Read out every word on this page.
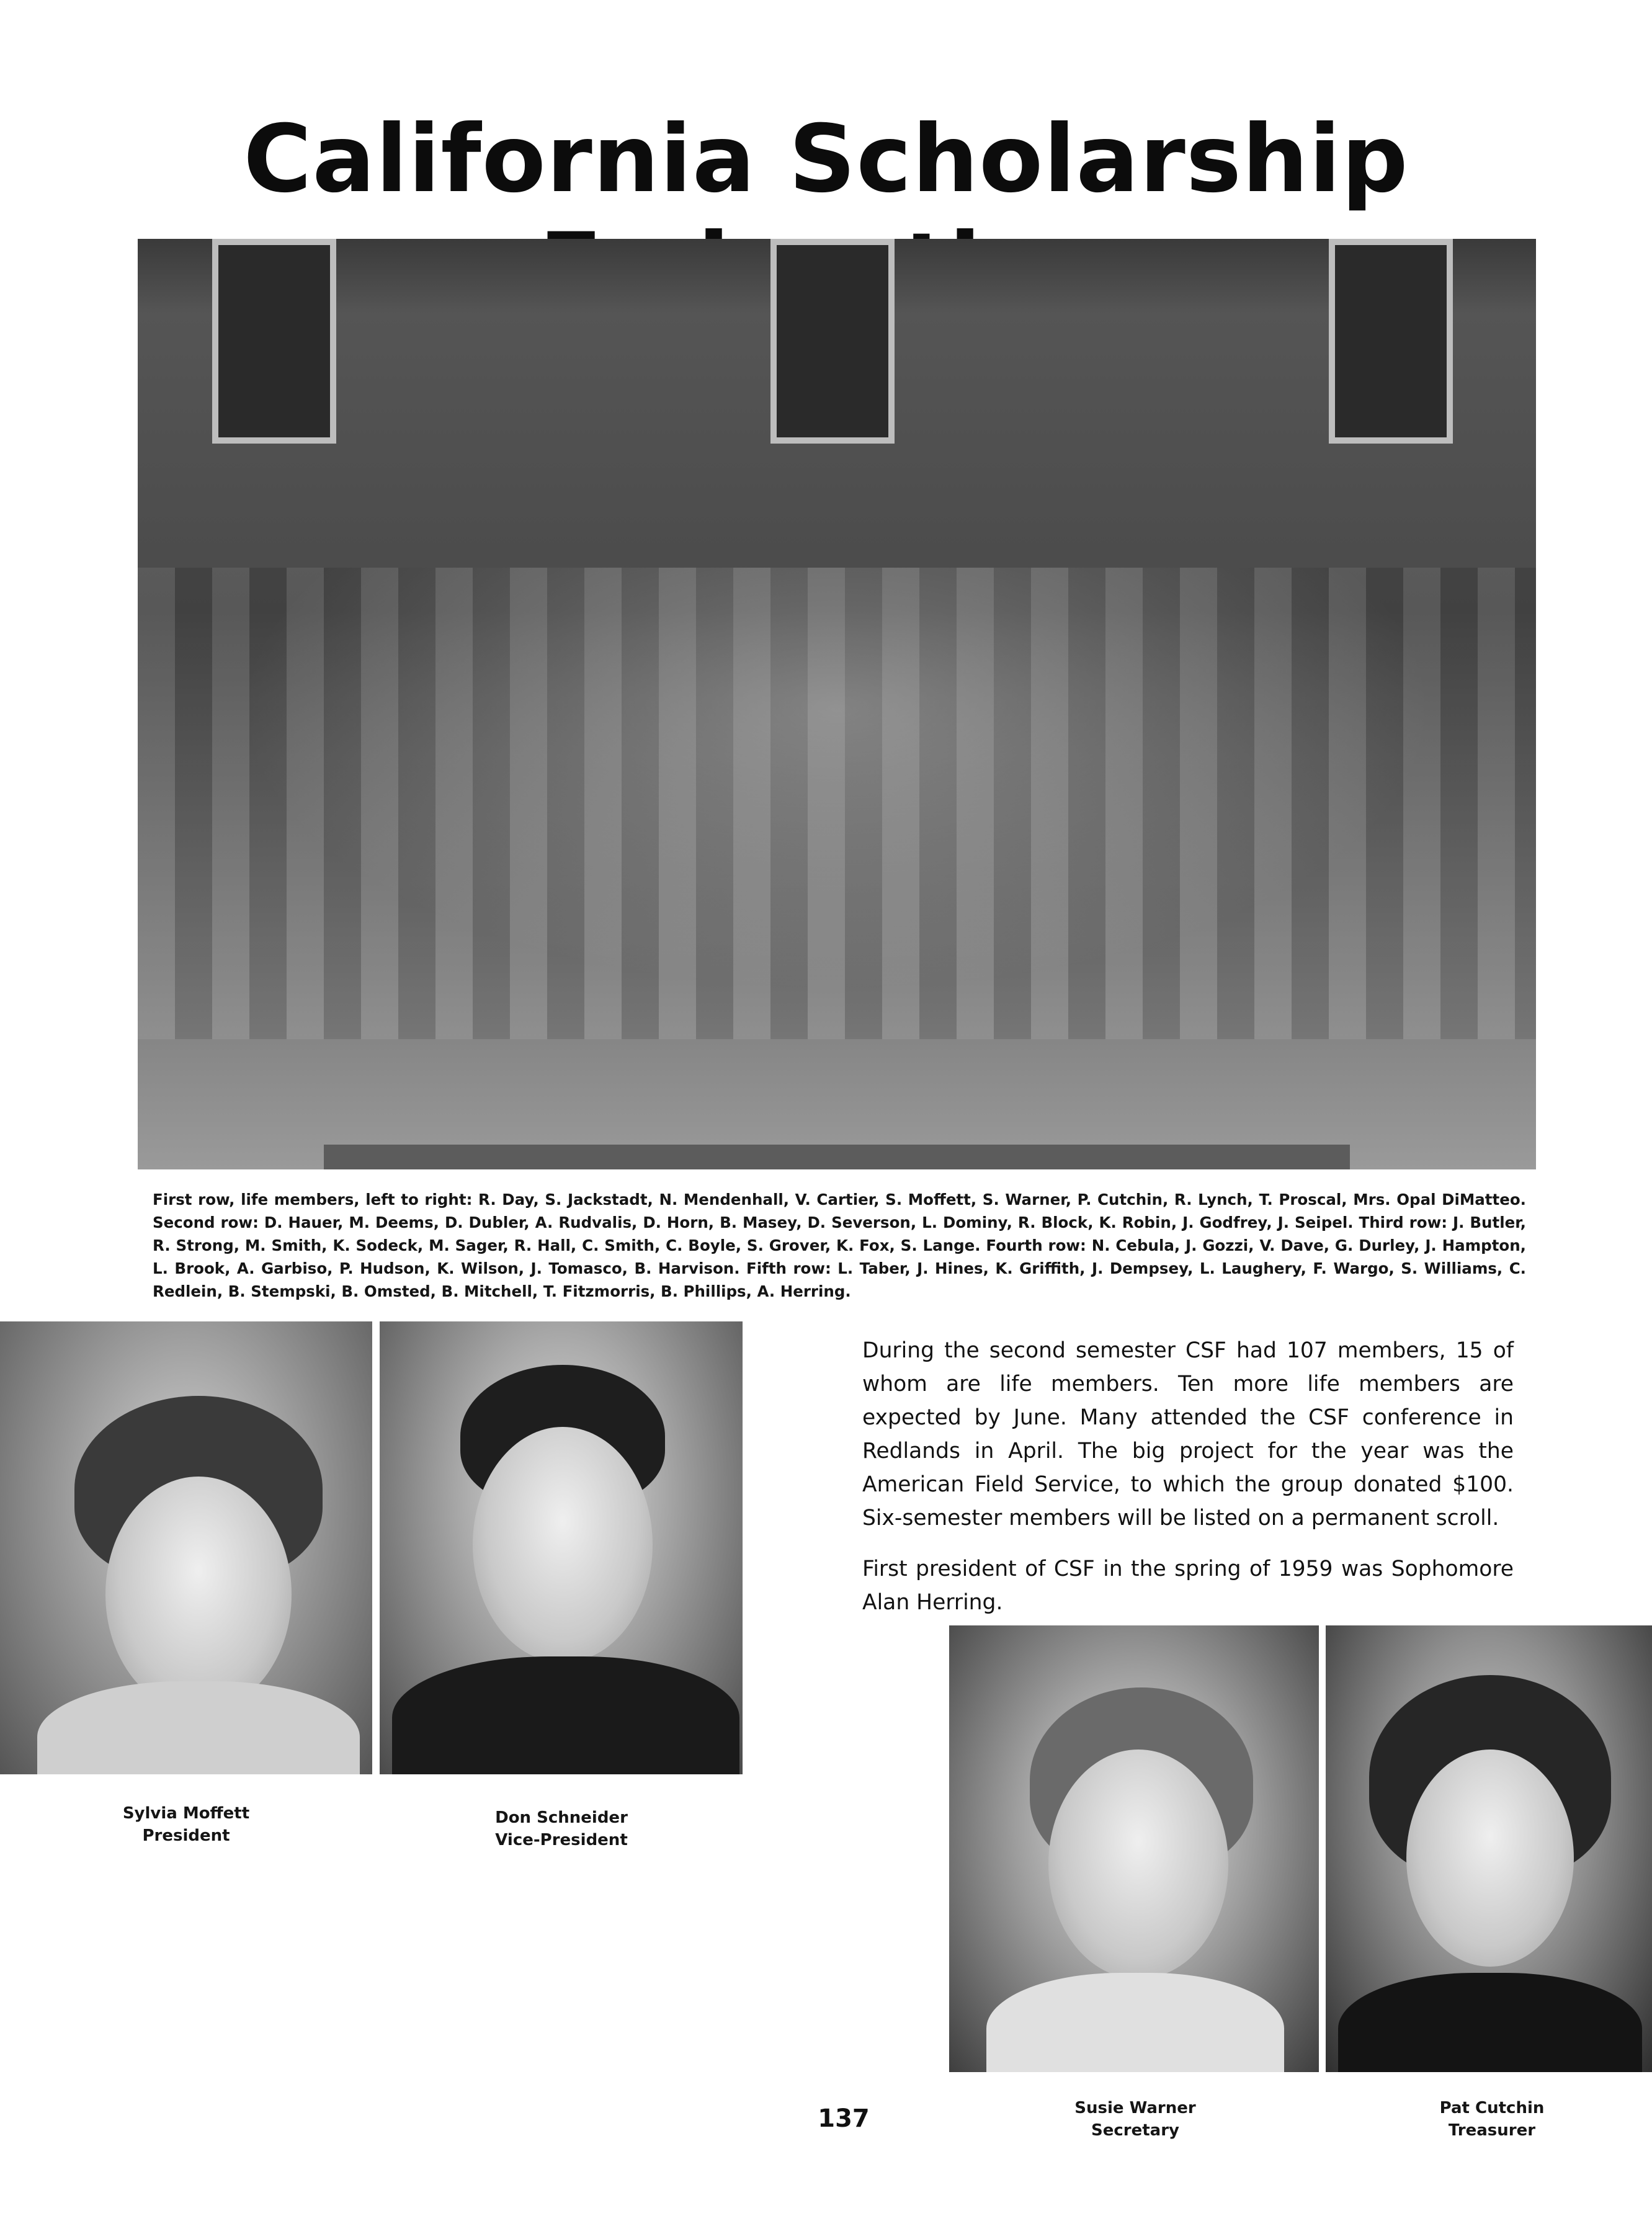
California Scholarship

First row, life members, left to right: R. Day, S. Jackstadt, N. Mendenhall, V. Cartier, S. Moffett, S. Warner, P. Cutchin, R. Lynch, T. Proscal, Mrs. Opal DiMatteo. Second row: D. Hauer, M. Deems, D. Dubler, A. Rudvalis, D. Horn, B. Masey, D. Severson, L. Dominy, R. Block, K. Robin, J. Godfrey, J. Seipel. Third row: J. Butler, R. Strong, M. Smith, K. Sodeck, M. Sager, R. Hall, C. Smith, C. Boyle, S. Grover, K. Fox, S. Lange. Fourth row: N. Cebula, J. Gozzi, V. Dave, G. Durley, J. Hampton, L. Brook, A. Garbiso, P. Hudson, K. Wilson, J. Tomasco, B. Harvison. Fifth row: L. Taber, J. Hines, K. Griffith, J. Dempsey, L. Laughery, F. Wargo, S. Williams, C. Redlein, B. Stempski, B. Omsted, B. Mitchell, T. Fitzmorris, B. Phillips, A. Herring.

Sylvia Moffett
President
Don Schneider
Vice-President

During the second semester CSF had 107 members, 15 of whom are life members. Ten more life members are expected by June. Many attended the CSF conference in Redlands in April. The big project for the year was the American Field Service, to which the group donated $100. Six-semester members will be listed on a permanent scroll.

First president of CSF in the spring of 1959 was Sophomore Alan Herring.

Susie Warner
Secretary
Pat Cutchin
Treasurer
137
